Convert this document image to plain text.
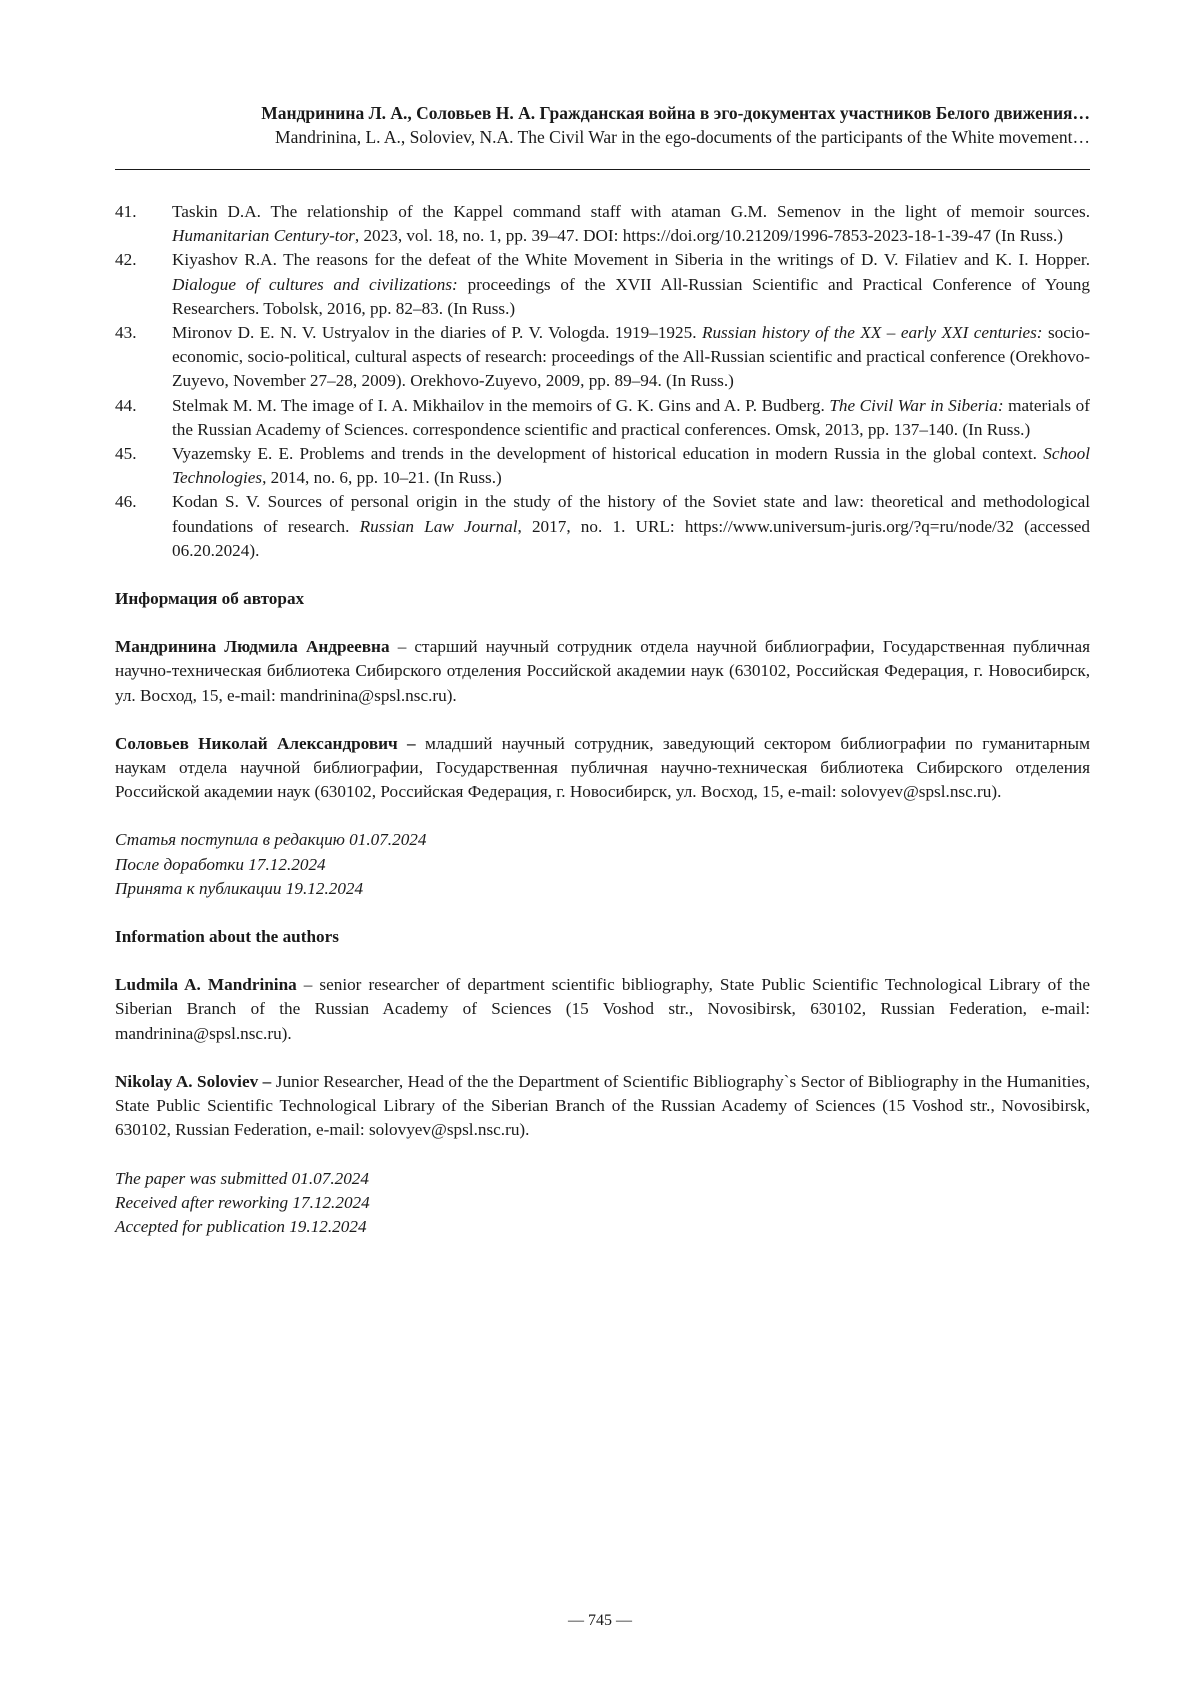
Мандринина Л. А., Соловьев Н. А. Гражданская война в эго-документах участников Белого движения…
Mandrinina, L. A., Soloviev, N.A. The Civil War in the ego-documents of the participants of the White movement…
41.	Taskin D.A. The relationship of the Kappel command staff with ataman G.M. Semenov in the light of memoir sources. Humanitarian Century-tor, 2023, vol. 18, no. 1, pp. 39–47. DOI: https://doi.org/10.21209/1996-7853-2023-18-1-39-47 (In Russ.)
42.	Kiyashov R.A. The reasons for the defeat of the White Movement in Siberia in the writings of D. V. Filatiev and K. I. Hopper. Dialogue of cultures and civilizations: proceedings of the XVII All-Russian Scientific and Practical Conference of Young Researchers. Tobolsk, 2016, pp. 82–83. (In Russ.)
43.	Mironov D. E. N. V. Ustryalov in the diaries of P. V. Vologda. 1919–1925. Russian history of the XX – early XXI centuries: socio-economic, socio-political, cultural aspects of research: proceedings of the All-Russian scientific and practical conference (Orekhovo-Zuyevo, November 27–28, 2009). Orekhovo-Zuyevo, 2009, pp. 89–94. (In Russ.)
44.	Stelmak M. M. The image of I. A. Mikhailov in the memoirs of G. K. Gins and A. P. Budberg. The Civil War in Siberia: materials of the Russian Academy of Sciences. correspondence scientific and practical conferences. Omsk, 2013, pp. 137–140. (In Russ.)
45.	Vyazemsky E. E. Problems and trends in the development of historical education in modern Russia in the global context. School Technologies, 2014, no. 6, pp. 10–21. (In Russ.)
46.	Kodan S. V. Sources of personal origin in the study of the history of the Soviet state and law: theoretical and methodological foundations of research. Russian Law Journal, 2017, no. 1. URL: https://www.universum-juris.org/?q=ru/node/32 (accessed 06.20.2024).
Информация об авторах
Мандринина Людмила Андреевна – старший научный сотрудник отдела научной библиографии, Государственная публичная научно-техническая библиотека Сибирского отделения Российской академии наук (630102, Российская Федерация, г. Новосибирск, ул. Восход, 15, e-mail: mandrinina@spsl.nsc.ru).
Соловьев Николай Александрович – младший научный сотрудник, заведующий сектором библиографии по гуманитарным наукам отдела научной библиографии, Государственная публичная научно-техническая библиотека Сибирского отделения Российской академии наук (630102, Российская Федерация, г. Новосибирск, ул. Восход, 15, e-mail: solovyev@spsl.nsc.ru).
Статья поступила в редакцию 01.07.2024
После доработки 17.12.2024
Принята к публикации 19.12.2024
Information about the authors
Ludmila A. Mandrinina – senior researcher of department scientific bibliography, State Public Scientific Technological Library of the Siberian Branch of the Russian Academy of Sciences (15 Voshod str., Novosibirsk, 630102, Russian Federation, e-mail: mandrinina@spsl.nsc.ru).
Nikolay A. Soloviev – Junior Researcher, Head of the the Department of Scientific Bibliography`s Sector of Bibliography in the Humanities, State Public Scientific Technological Library of the Siberian Branch of the Russian Academy of Sciences (15 Voshod str., Novosibirsk, 630102, Russian Federation, e-mail: solovyev@spsl.nsc.ru).
The paper was submitted 01.07.2024
Received after reworking 17.12.2024
Accepted for publication 19.12.2024
— 745 —
